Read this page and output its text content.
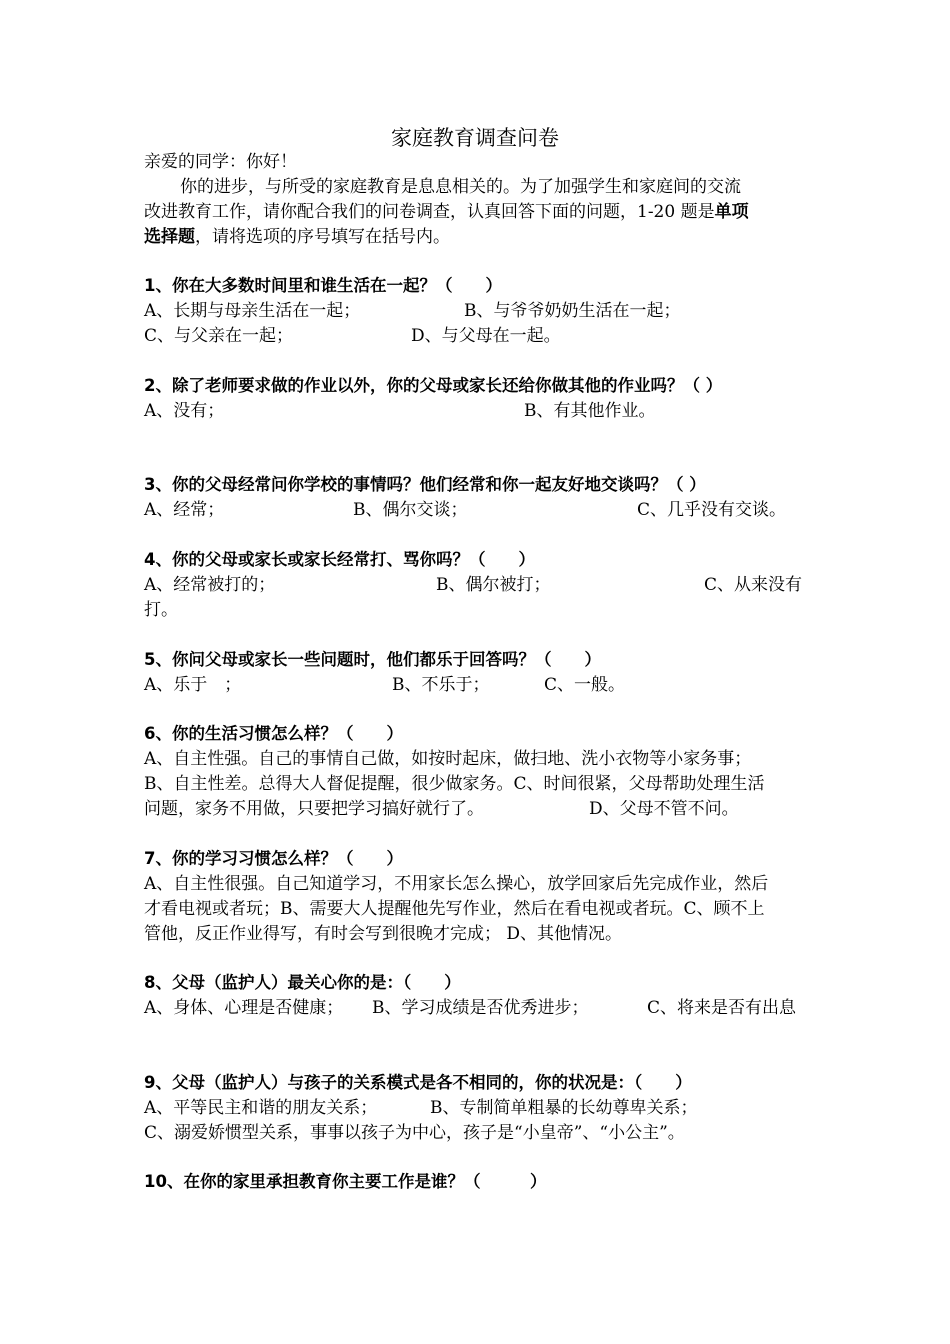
家庭教育调查问卷
亲爱的同学：你好！
你的进步，与所受的家庭教育是息息相关的。为了加强学生和家庭间的交流
改进教育工作，请你配合我们的问卷调查，认真回答下面的问题，1-20 题是单项
选择题，请将选项的序号填写在括号内。
1、你在大多数时间里和谁生活在一起？（　　）
A、长期与母亲生活在一起；	B、与爷爷奶奶生活在一起；
C、与父亲在一起；	D、与父母在一起。
2、除了老师要求做的作业以外，你的父母或家长还给你做其他的作业吗？（ ）
A、没有；	B、有其他作业。
3、你的父母经常问你学校的事情吗？他们经常和你一起友好地交谈吗？（ ）
A、经常；	B、偶尔交谈；	C、几乎没有交谈。
4、你的父母或家长或家长经常打、骂你吗？（　　）
A、经常被打的；	B、偶尔被打；	C、从来没有
打。
5、你问父母或家长一些问题时，他们都乐于回答吗？（　　）
A、乐于　；	B、不乐于；	C、一般。
6、你的生活习惯怎么样？（　　）
A、自主性强。自己的事情自己做，如按时起床，做扫地、洗小衣物等小家务事；
B、自主性差。总得大人督促提醒，很少做家务。C、时间很紧，父母帮助处理生活
问题，家务不用做，只要把学习搞好就行了。	D、父母不管不问。
7、你的学习习惯怎么样？（　　）
A、自主性很强。自己知道学习，不用家长怎么操心，放学回家后先完成作业，然后
才看电视或者玩；B、需要大人提醒他先写作业，然后在看电视或者玩。C、顾不上
管他，反正作业得写，有时会写到很晚才完成； D、其他情况。
8、父母（监护人）最关心你的是：（　　）
A、身体、心理是否健康； B、学习成绩是否优秀进步；	C、将来是否有出息
9、父母（监护人）与孩子的关系模式是各不相同的，你的状况是：（　　）
A、平等民主和谐的朋友关系；	B、专制简单粗暴的长幼尊卑关系；
C、溺爱娇惯型关系，事事以孩子为中心，孩子是“小皇帝”、“小公主”。
10、在你的家里承担教育你主要工作是谁？（　　　）
